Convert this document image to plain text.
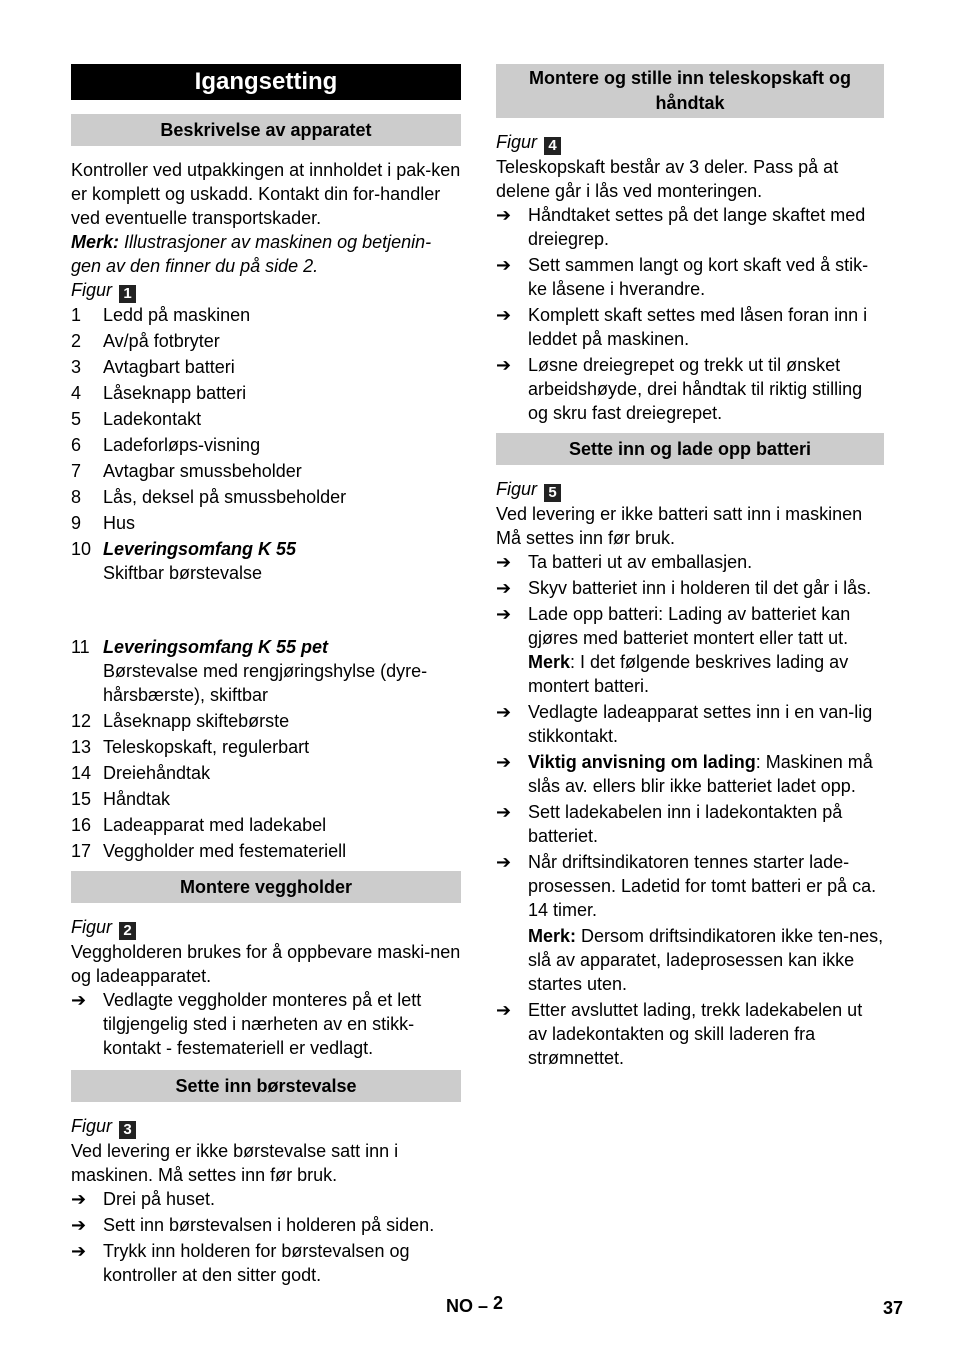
Igangsetting
Beskrivelse av apparatet

Kontroller ved utpakkingen at innholdet i pak-ken er komplett og uskadd. Kontakt din for-handler ved eventuelle transportskader.

Merk: Illustrasjoner av maskinen og betjenin-gen av den finner du på side 2.

Figur 1

1 Ledd på maskinen
2 Av/på fotbryter
3 Avtagbart batteri
4 Låseknapp batteri
5 Ladekontakt
6 Ladeforløps-visning
7 Avtagbar smussbeholder
8 Lås, deksel på smussbeholder
9 Hus
10 Leveringsomfang K 55
Skiftbar børstevalse
11 Leveringsomfang K 55 pet
Børstevalse med rengjøringshylse (dyre-hårsbærste), skiftbar
12 Låseknapp skiftebørste
13 Teleskopskaft, regulerbart
14 Dreiehåndtak
15 Håndtak
16 Ladeapparat med ladekabel
17 Veggholder med festemateriell
Montere veggholder

Figur 2

Veggholderen brukes for å oppbevare maski-nen og ladeapparatet.

➔ Vedlagte veggholder monteres på et lett tilgjengelig sted i nærheten av en stikk-kontakt - festemateriell er vedlagt.
Sette inn børstevalse

Figur 3

Ved levering er ikke børstevalse satt inn i maskinen. Må settes inn før bruk.

➔ Drei på huset.
➔ Sett inn børstevalsen i holderen på siden.
➔ Trykk inn holderen for børstevalsen og kontroller at den sitter godt.
Montere og stille inn teleskopskaft og håndtak

Figur 4

Teleskopskaft består av 3 deler. Pass på at delene går i lås ved monteringen.

➔ Håndtaket settes på det lange skaftet med dreiegrep.
➔ Sett sammen langt og kort skaft ved å stik-ke låsene i hverandre.
➔ Komplett skaft settes med låsen foran inn i leddet på maskinen.
➔ Løsne dreiegrepet og trekk ut til ønsket arbeidshøyde, drei håndtak til riktig stilling og skru fast dreiegrepet.
Sette inn og lade opp batteri

Figur 5

Ved levering er ikke batteri satt inn i maskinen Må settes inn før bruk.

➔ Ta batteri ut av emballasjen.
➔ Skyv batteriet inn i holderen til det går i lås.
➔ Lade opp batteri: Lading av batteriet kan gjøres med batteriet montert eller tatt ut.
Merk: I det følgende beskrives lading av montert batteri.
➔ Vedlagte ladeapparat settes inn i en van-lig stikkontakt.
➔ Viktig anvisning om lading: Maskinen må slås av. ellers blir ikke batteriet ladet opp.
➔ Sett ladekabelen inn i ladekontakten på batteriet.
➔ Når driftsindikatoren tennes starter lade-prosessen. Ladetid for tomt batteri er på ca. 14 timer.
Merk: Dersom driftsindikatoren ikke ten-nes, slå av apparatet, ladeprosessen kan ikke startes uten.
➔ Etter avsluttet lading, trekk ladekabelen ut av ladekontakten og skill laderen fra strømnettet.
NO – 2	37
